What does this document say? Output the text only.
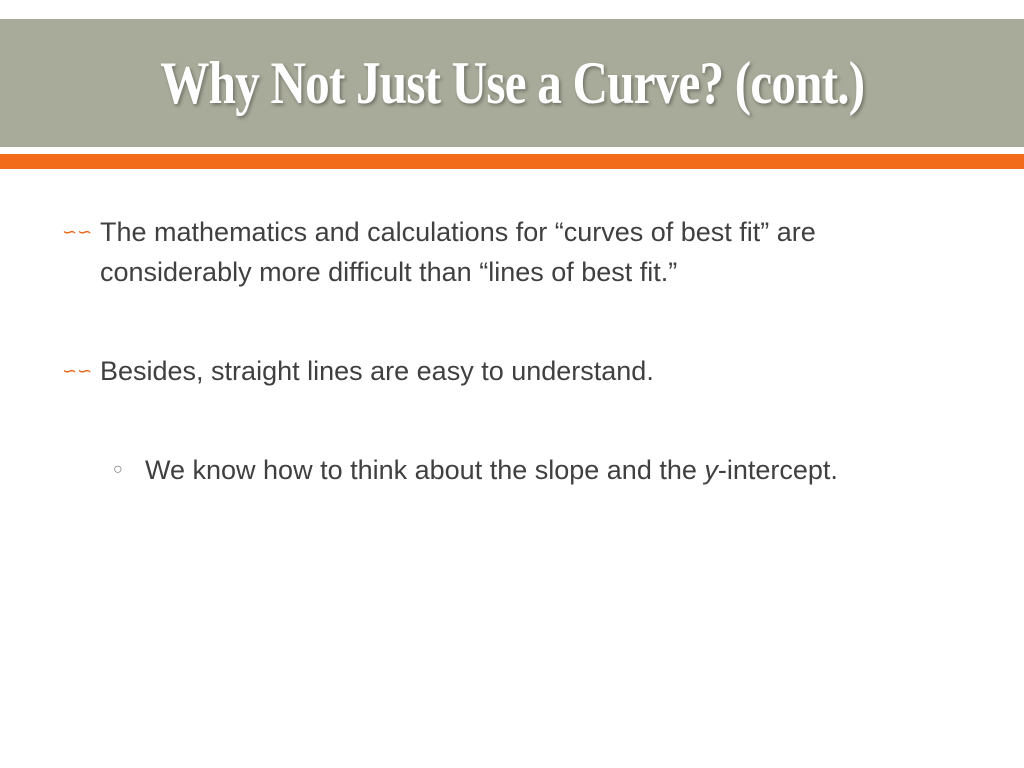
Why Not Just Use a Curve? (cont.)
∽∽ The mathematics and calculations for “curves of best fit” are considerably more difficult than “lines of best fit.”

∽∽ Besides, straight lines are easy to understand.

○ We know how to think about the slope and the y-intercept.
